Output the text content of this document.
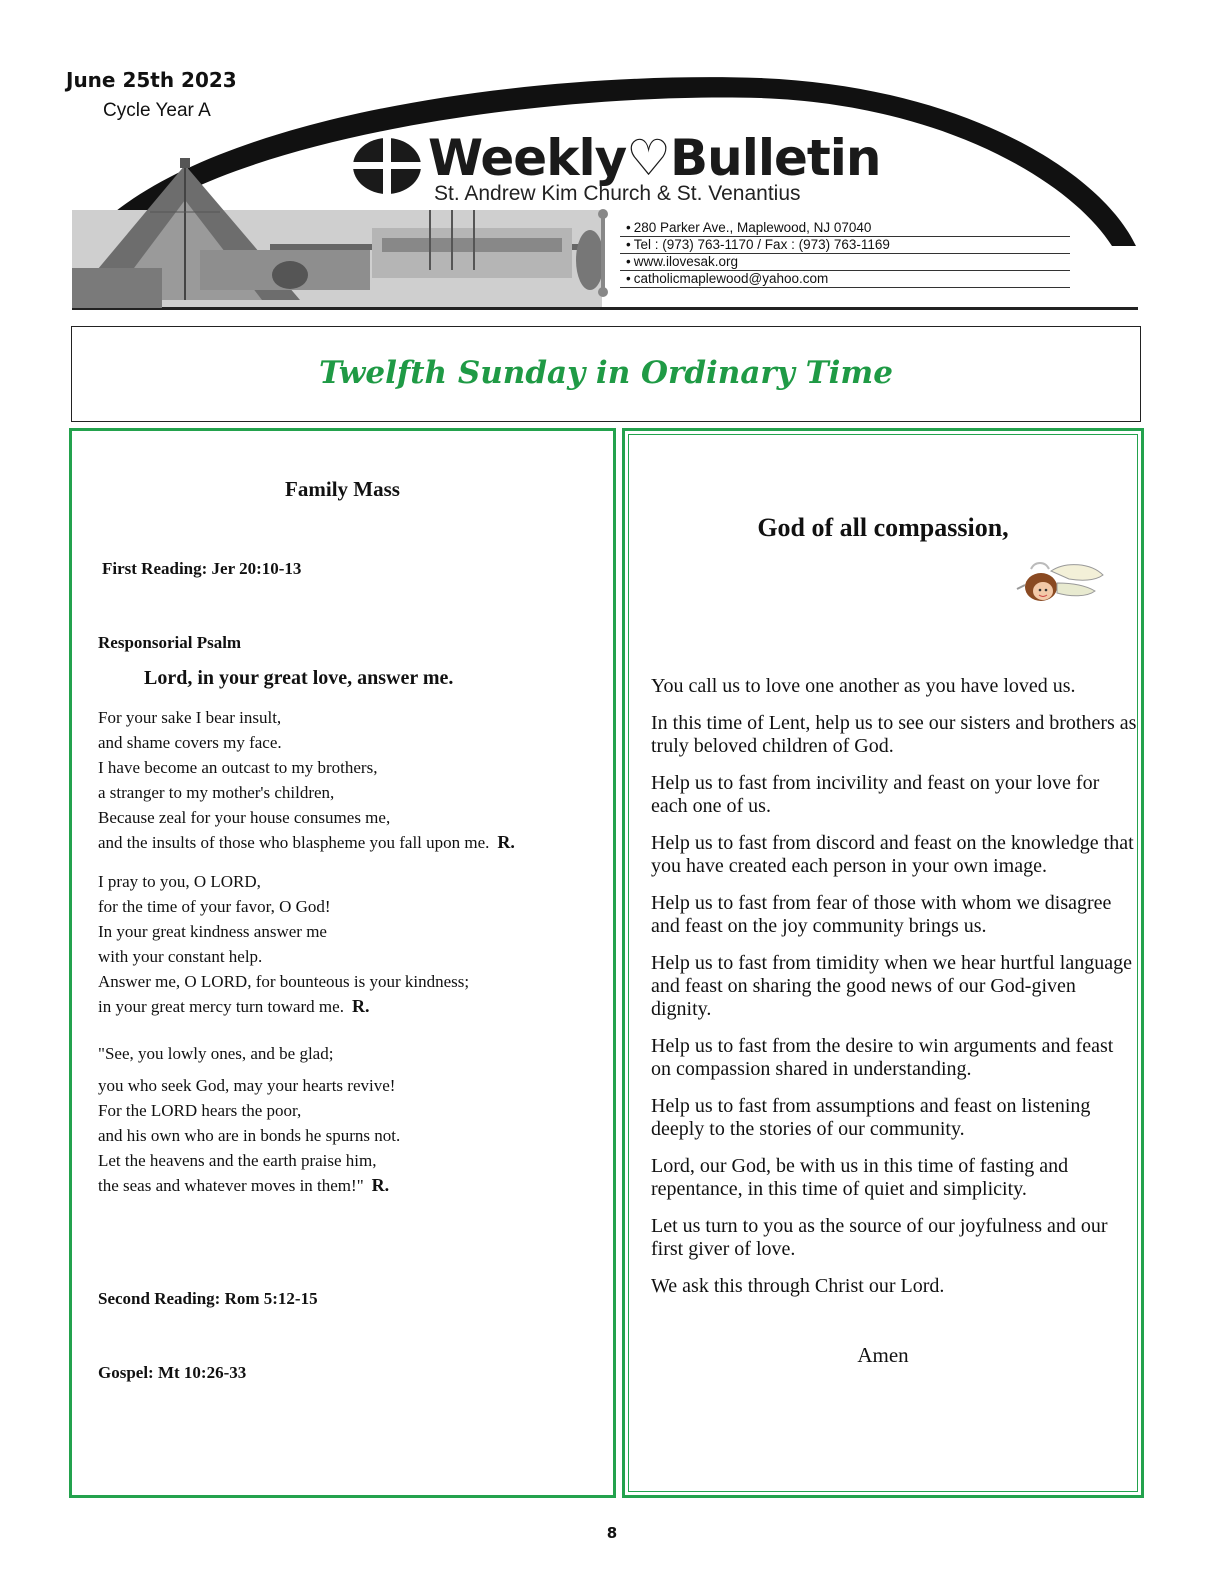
June 25th 2023
Cycle Year A
Weekly♡Bulletin
St. Andrew Kim Church & St. Venantius
• 280 Parker Ave., Maplewood, NJ 07040
• Tel : (973) 763-1170 / Fax : (973) 763-1169
• www.ilovesak.org
• catholicmaplewood@yahoo.com
Twelfth Sunday in Ordinary Time
Family Mass
First Reading: Jer 20:10-13
Responsorial Psalm
Lord, in your great love, answer me.
For your sake I bear insult,
and shame covers my face.
I have become an outcast to my brothers,
a stranger to my mother's children,
Because zeal for your house consumes me,
and the insults of those who blaspheme you fall upon me. R.
I pray to you, O LORD,
for the time of your favor, O God!
In your great kindness answer me
with your constant help.
Answer me, O LORD, for bounteous is your kindness;
in your great mercy turn toward me. R.
"See, you lowly ones, and be glad;
you who seek God, may your hearts revive!
For the LORD hears the poor,
and his own who are in bonds he spurns not.
Let the heavens and the earth praise him,
the seas and whatever moves in them!" R.
Second Reading: Rom 5:12-15
Gospel: Mt 10:26-33
God of all compassion,

You call us to love one another as you have loved us.

In this time of Lent, help us to see our sisters and brothers as truly beloved children of God.

Help us to fast from incivility and feast on your love for each one of us.

Help us to fast from discord and feast on the knowledge that you have created each person in your own image.

Help us to fast from fear of those with whom we disagree and feast on the joy community brings us.

Help us to fast from timidity when we hear hurtful language and feast on sharing the good news of our God-given dignity.

Help us to fast from the desire to win arguments and feast on compassion shared in understanding.

Help us to fast from assumptions and feast on listening deeply to the stories of our community.

Lord, our God, be with us in this time of fasting and repentance, in this time of quiet and simplicity.

Let us turn to you as the source of our joyfulness and our first giver of love.

We ask this through Christ our Lord.

Amen
8
